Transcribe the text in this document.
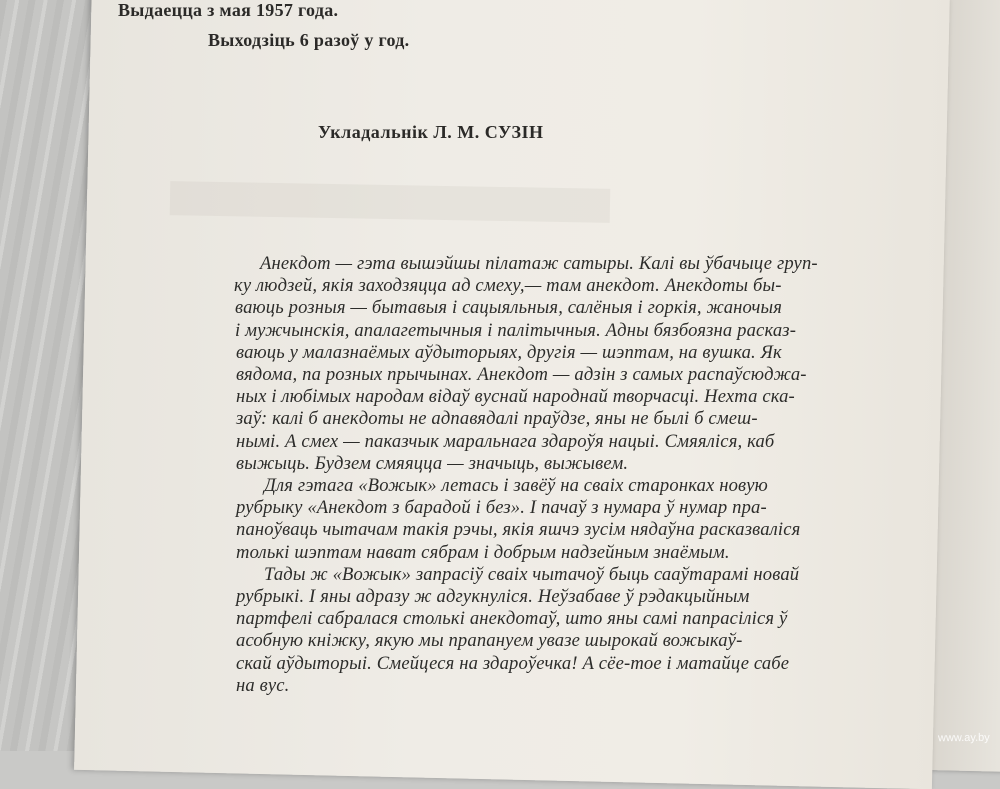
Выдаецца з мая 1957 года.
Выходзіць 6 разоў у год.
Укладальнік Л. М. СУЗІН
Анекдот — гэта вышэйшы пілатаж сатыры. Калі вы ўбачыце груп-
ку людзей, якія заходзяцца ад смеху,— там анекдот. Анекдоты бы-
ваюць розныя — бытавыя і сацыяльныя, салёныя і горкія, жаночыя
і мужчынскія, апалагетычныя і палітычныя. Адны бязбоязна расказ-
ваюць у малазнаёмых аўдыторыях, другія — шэптам, на вушка. Як
вядома, па розных прычынах. Анекдот — адзін з самых распаўсюджа-
ных і любімых народам відаў вуснай народнай творчасці. Нехта ска-
заў: калі б анекдоты не адпавядалі праўдзе, яны не былі б смеш-
нымі. А смех — паказчык маральнага здароўя нацыі. Смяяліся, каб
выжыць. Будзем смяяцца — значыць, выжывем.
Для гэтага «Вожык» летась і завёў на сваіх старонках новую
рубрыку «Анекдот з барадой і без». І пачаў з нумара ў нумар пра-
паноўваць чытачам такія рэчы, якія яшчэ зусім нядаўна расказваліся
толькі шэптам нават сябрам і добрым надзейным знаёмым.
Тады ж «Вожык» запрасіў сваіх чытачоў быць сааўтарамі новай
рубрыкі. І яны адразу ж адгукнуліся. Неўзабаве ў рэдакцыйным
партфелі сабралася столькі анекдотаў, што яны самі папрасіліся ў
асобную кніжку, якую мы прапануем увазе шырокай вожыкаў-
скай аўдыторыі. Смейцеся на здароўечка! А сёе-тое і матайце сабе
на вус.
www.ay.by
